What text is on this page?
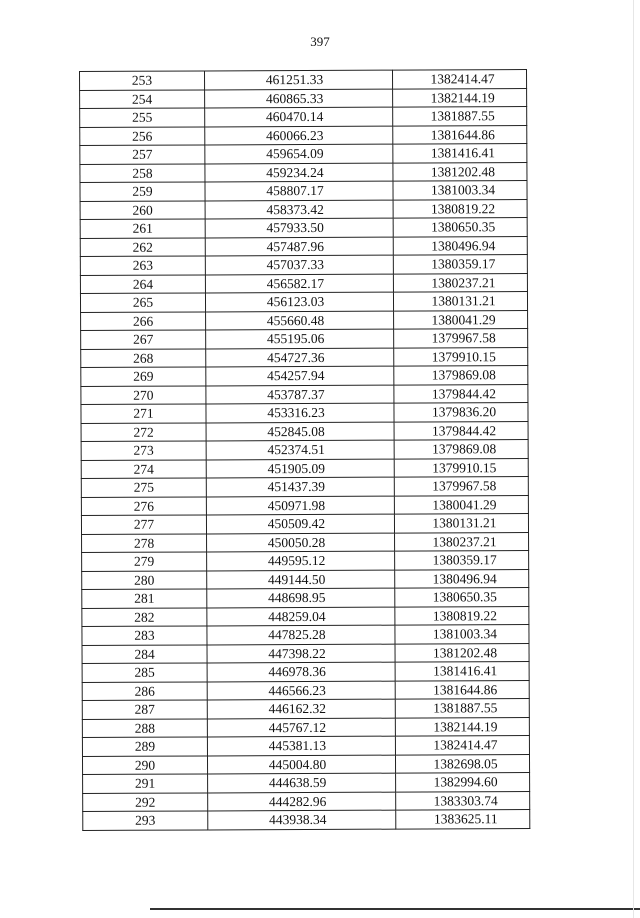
397
253	461251.33	1382414.47
254	460865.33	1382144.19
255	460470.14	1381887.55
256	460066.23	1381644.86
257	459654.09	1381416.41
258	459234.24	1381202.48
259	458807.17	1381003.34
260	458373.42	1380819.22
261	457933.50	1380650.35
262	457487.96	1380496.94
263	457037.33	1380359.17
264	456582.17	1380237.21
265	456123.03	1380131.21
266	455660.48	1380041.29
267	455195.06	1379967.58
268	454727.36	1379910.15
269	454257.94	1379869.08
270	453787.37	1379844.42
271	453316.23	1379836.20
272	452845.08	1379844.42
273	452374.51	1379869.08
274	451905.09	1379910.15
275	451437.39	1379967.58
276	450971.98	1380041.29
277	450509.42	1380131.21
278	450050.28	1380237.21
279	449595.12	1380359.17
280	449144.50	1380496.94
281	448698.95	1380650.35
282	448259.04	1380819.22
283	447825.28	1381003.34
284	447398.22	1381202.48
285	446978.36	1381416.41
286	446566.23	1381644.86
287	446162.32	1381887.55
288	445767.12	1382144.19
289	445381.13	1382414.47
290	445004.80	1382698.05
291	444638.59	1382994.60
292	444282.96	1383303.74
293	443938.34	1383625.11
